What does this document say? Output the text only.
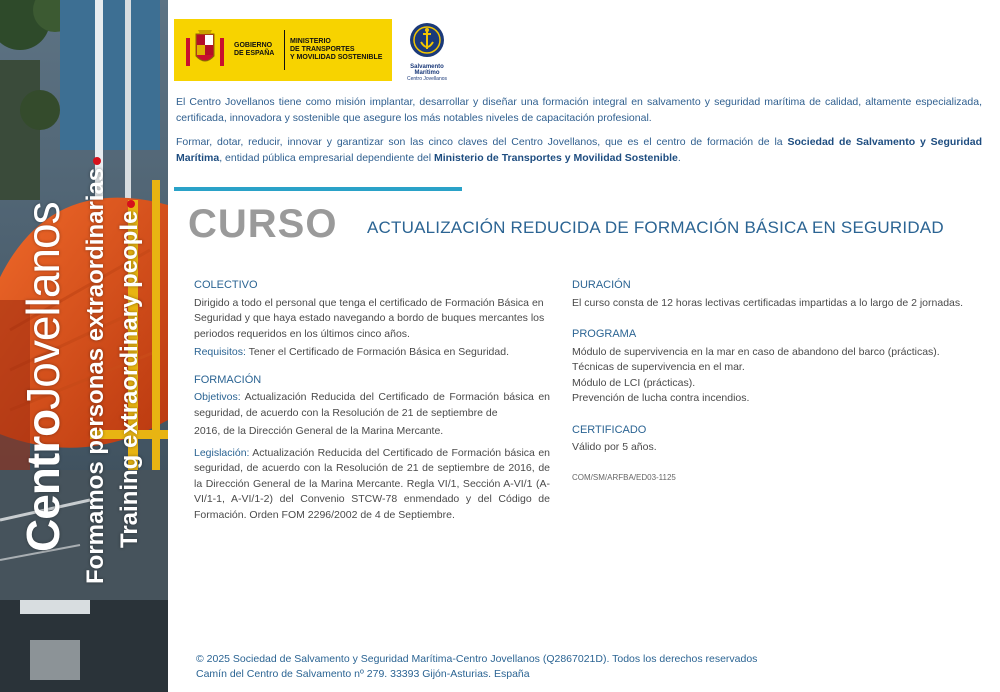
CentroJovellanos Formamos personas extraordinarias Training extraordinary people
GOBIERNO
DE ESPAÑA
MINISTERIO
DE TRANSPORTES
Y MOVILIDAD SOSTENIBLE
Salvamento Marítimo
Centro Jovellanos

El Centro Jovellanos tiene como misión implantar, desarrollar y diseñar una formación integral en salvamento y seguridad marítima de calidad, altamente especializada, certificada, innovadora y sostenible que asegure los más notables niveles de capacitación profesional.

Formar, dotar, reducir, innovar y garantizar son las cinco claves del Centro Jovellanos, que es el centro de formación de la Sociedad de Salvamento y Seguridad Marítima, entidad pública empresarial dependiente del Ministerio de Transportes y Movilidad Sostenible.

CURSO ACTUALIZACIÓN REDUCIDA DE FORMACIÓN BÁSICA EN SEGURIDAD
COLECTIVO
Dirigido a todo el personal que tenga el certificado de Formación Básica en Seguridad y que haya estado navegando a bordo de buques mercantes los periodos requeridos en los últimos cinco años.
Requisitos: Tener el Certificado de Formación Básica en Seguridad.
FORMACIÓN
Objetivos: Actualización Reducida del Certificado de Formación básica en seguridad, de acuerdo con la Resolución de 21 de septiembre de
2016, de la Dirección General de la Marina Mercante.
Legislación: Actualización Reducida del Certificado de Formación básica en seguridad, de acuerdo con la Resolución de 21 de septiembre de 2016, de la Dirección General de la Marina Mercante. Regla VI/1, Sección A-VI/1 (A-VI/1-1, A-VI/1-2) del Convenio STCW-78 enmendado y del Código de Formación. Orden FOM 2296/2002 de 4 de Septiembre.
DURACIÓN
El curso consta de 12 horas lectivas certificadas impartidas a lo largo de 2 jornadas.
PROGRAMA
Módulo de supervivencia en la mar en caso de abandono del barco (prácticas).
Técnicas de supervivencia en el mar.
Módulo de LCI (prácticas).
Prevención de lucha contra incendios.
CERTIFICADO
Válido por 5 años.
COM/SM/ARFBA/ED03-1125
© 2025 Sociedad de Salvamento y Seguridad Marítima-Centro Jovellanos (Q2867021D). Todos los derechos reservados
Camín del Centro de Salvamento nº 279. 33393 Gijón-Asturias. España
